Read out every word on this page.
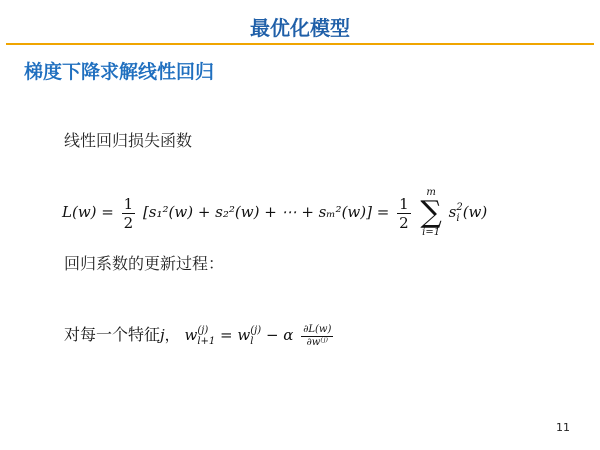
最优化模型
梯度下降求解线性回归
线性回归损失函数
$L(w) = \frac{1}{2} [s_1^2(w) + s_2^2(w)$ + ⋯ + $s_m^2(w)] = \frac{1}{2}$

m
∑
i=1
s 2
i (w)
回归系数的更新过程：
对每一个特征j， w (j)
l+1 = w (j)
l − α $\frac{\partial L(w)}{\text{∂w⁽ʲ⁾}}$
11
